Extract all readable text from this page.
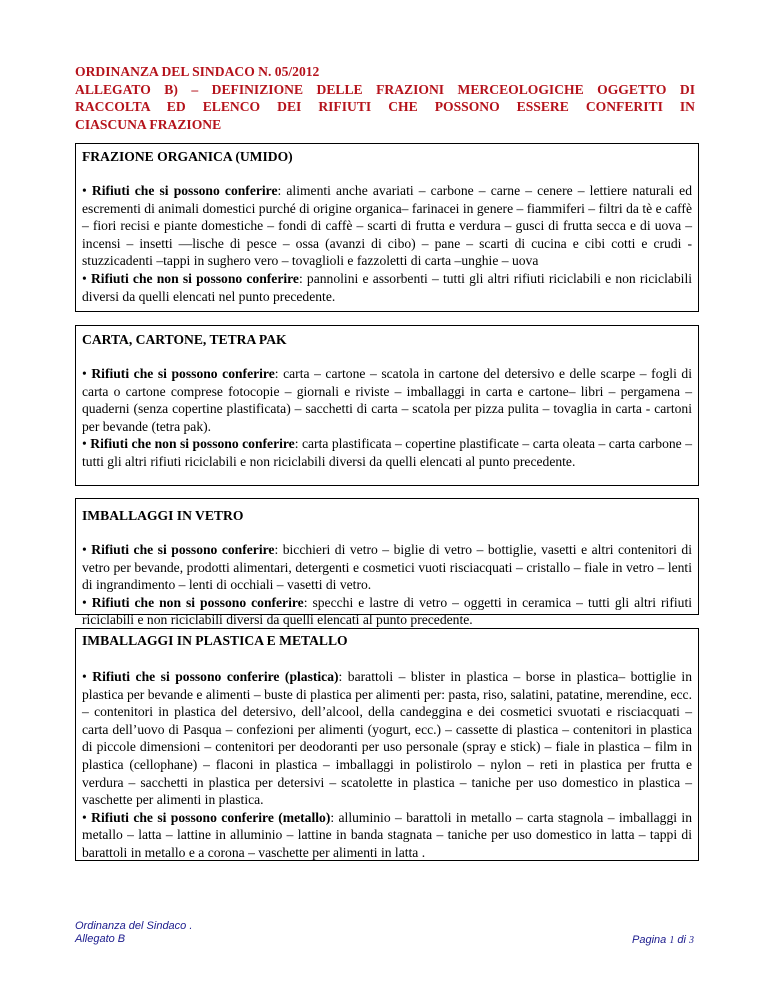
ORDINANZA DEL SINDACO N. 05/2012
ALLEGATO B) – DEFINIZIONE DELLE FRAZIONI MERCEOLOGICHE OGGETTO DI
RACCOLTA ED ELENCO DEI RIFIUTI CHE POSSONO ESSERE CONFERITI IN
CIASCUNA FRAZIONE

FRAZIONE ORGANICA (UMIDO)

• Rifiuti che si possono conferire: alimenti anche avariati – carbone – carne – cenere – lettiere naturali ed escrementi di animali domestici purché di origine organica– farinacei in genere – fiammiferi – filtri da tè e caffè – fiori recisi e piante domestiche – fondi di caffè – scarti di frutta e verdura – gusci di frutta secca e di uova – incensi – insetti —lische di pesce – ossa (avanzi di cibo) – pane – scarti di cucina e cibi cotti e crudi - stuzzicadenti –tappi in sughero vero – tovaglioli e fazzoletti di carta –unghie – uova

• Rifiuti che non si possono conferire: pannolini e assorbenti – tutti gli altri rifiuti riciclabili e non riciclabili diversi da quelli elencati nel punto precedente.

CARTA, CARTONE, TETRA PAK

• Rifiuti che si possono conferire: carta – cartone – scatola in cartone del detersivo e delle scarpe – fogli di carta o cartone comprese fotocopie – giornali e riviste – imballaggi in carta e cartone– libri – pergamena – quaderni (senza copertine plastificata) – sacchetti di carta – scatola per pizza pulita – tovaglia in carta - cartoni per bevande (tetra pak).

• Rifiuti che non si possono conferire: carta plastificata – copertine plastificate – carta oleata – carta carbone – tutti gli altri rifiuti riciclabili e non riciclabili diversi da quelli elencati al punto precedente.

IMBALLAGGI IN VETRO

• Rifiuti che si possono conferire: bicchieri di vetro – biglie di vetro – bottiglie, vasetti e altri contenitori di vetro per bevande, prodotti alimentari, detergenti e cosmetici vuoti risciacquati – cristallo – fiale in vetro – lenti di ingrandimento – lenti di occhiali – vasetti di vetro.

• Rifiuti che non si possono conferire: specchi e lastre di vetro – oggetti in ceramica – tutti gli altri rifiuti riciclabili e non riciclabili diversi da quelli elencati al punto precedente.

IMBALLAGGI IN PLASTICA E METALLO

• Rifiuti che si possono conferire (plastica): barattoli – blister in plastica – borse in plastica– bottiglie in plastica per bevande e alimenti – buste di plastica per alimenti per: pasta, riso, salatini, patatine, merendine, ecc. – contenitori in plastica del detersivo, dell’alcool, della candeggina e dei cosmetici svuotati e risciacquati – carta dell’uovo di Pasqua – confezioni per alimenti (yogurt, ecc.) – cassette di plastica – contenitori in plastica di piccole dimensioni – contenitori per deodoranti per uso personale (spray e stick) – fiale in plastica – film in plastica (cellophane) – flaconi in plastica – imballaggi in polistirolo – nylon – reti in plastica per frutta e verdura – sacchetti in plastica per detersivi – scatolette in plastica – taniche per uso domestico in plastica – vaschette per alimenti in plastica.

• Rifiuti che si possono conferire (metallo): alluminio – barattoli in metallo – carta stagnola – imballaggi in metallo – latta – lattine in alluminio – lattine in banda stagnata – taniche per uso domestico in latta – tappi di barattoli in metallo e a corona – vaschette per alimenti in latta .

Ordinanza del Sindaco .
Allegato B	Pagina 1 di 3
